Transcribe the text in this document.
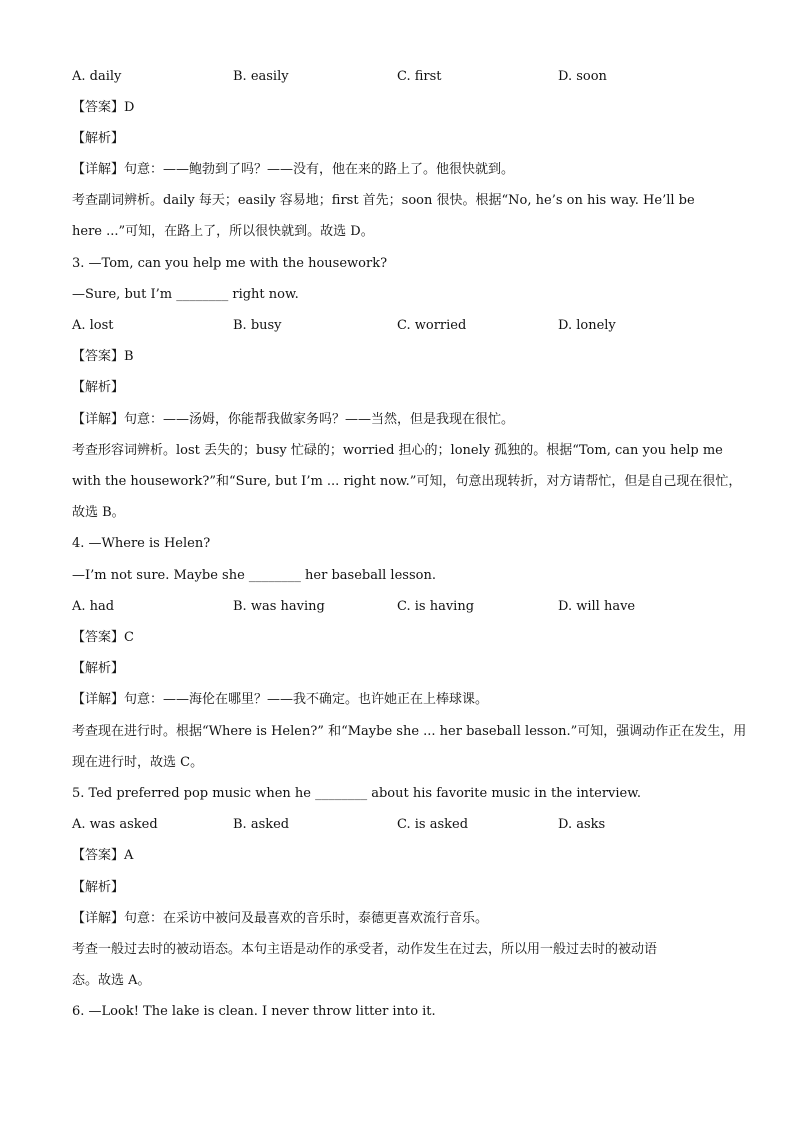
A. daily	B. easily	C. first	D. soon
【答案】D
【解析】
【详解】句意：——鲍勃到了吗？——没有，他在来的路上了。他很快就到。
考查副词辨析。daily 每天；easily 容易地；first 首先；soon 很快。根据“No, he’s on his way. He’ll be
here ...”可知，在路上了，所以很快就到。故选 D。
3. —Tom, can you help me with the housework?
—Sure, but I’m ________ right now.
A. lost	B. busy	C. worried	D. lonely
【答案】B
【解析】
【详解】句意：——汤姆，你能帮我做家务吗？——当然，但是我现在很忙。
考查形容词辨析。lost 丢失的；busy 忙碌的；worried 担心的；lonely 孤独的。根据“Tom, can you help me
with the housework?”和“Sure, but I’m ... right now.”可知，句意出现转折，对方请帮忙，但是自己现在很忙，
故选 B。
4. —Where is Helen?
—I’m not sure. Maybe she ________ her baseball lesson.
A. had	B. was having	C. is having	D. will have
【答案】C
【解析】
【详解】句意：——海伦在哪里？——我不确定。也许她正在上棒球课。
考查现在进行时。根据“Where is Helen?” 和“Maybe she ... her baseball lesson.”可知，强调动作正在发生，用
现在进行时，故选 C。
5. Ted preferred pop music when he ________ about his favorite music in the interview.
A. was asked	B. asked	C. is asked	D. asks
【答案】A
【解析】
【详解】句意：在采访中被问及最喜欢的音乐时，泰德更喜欢流行音乐。
考查一般过去时的被动语态。本句主语是动作的承受者，动作发生在过去，所以用一般过去时的被动语
态。故选 A。
6. —Look! The lake is clean. I never throw litter into it.
